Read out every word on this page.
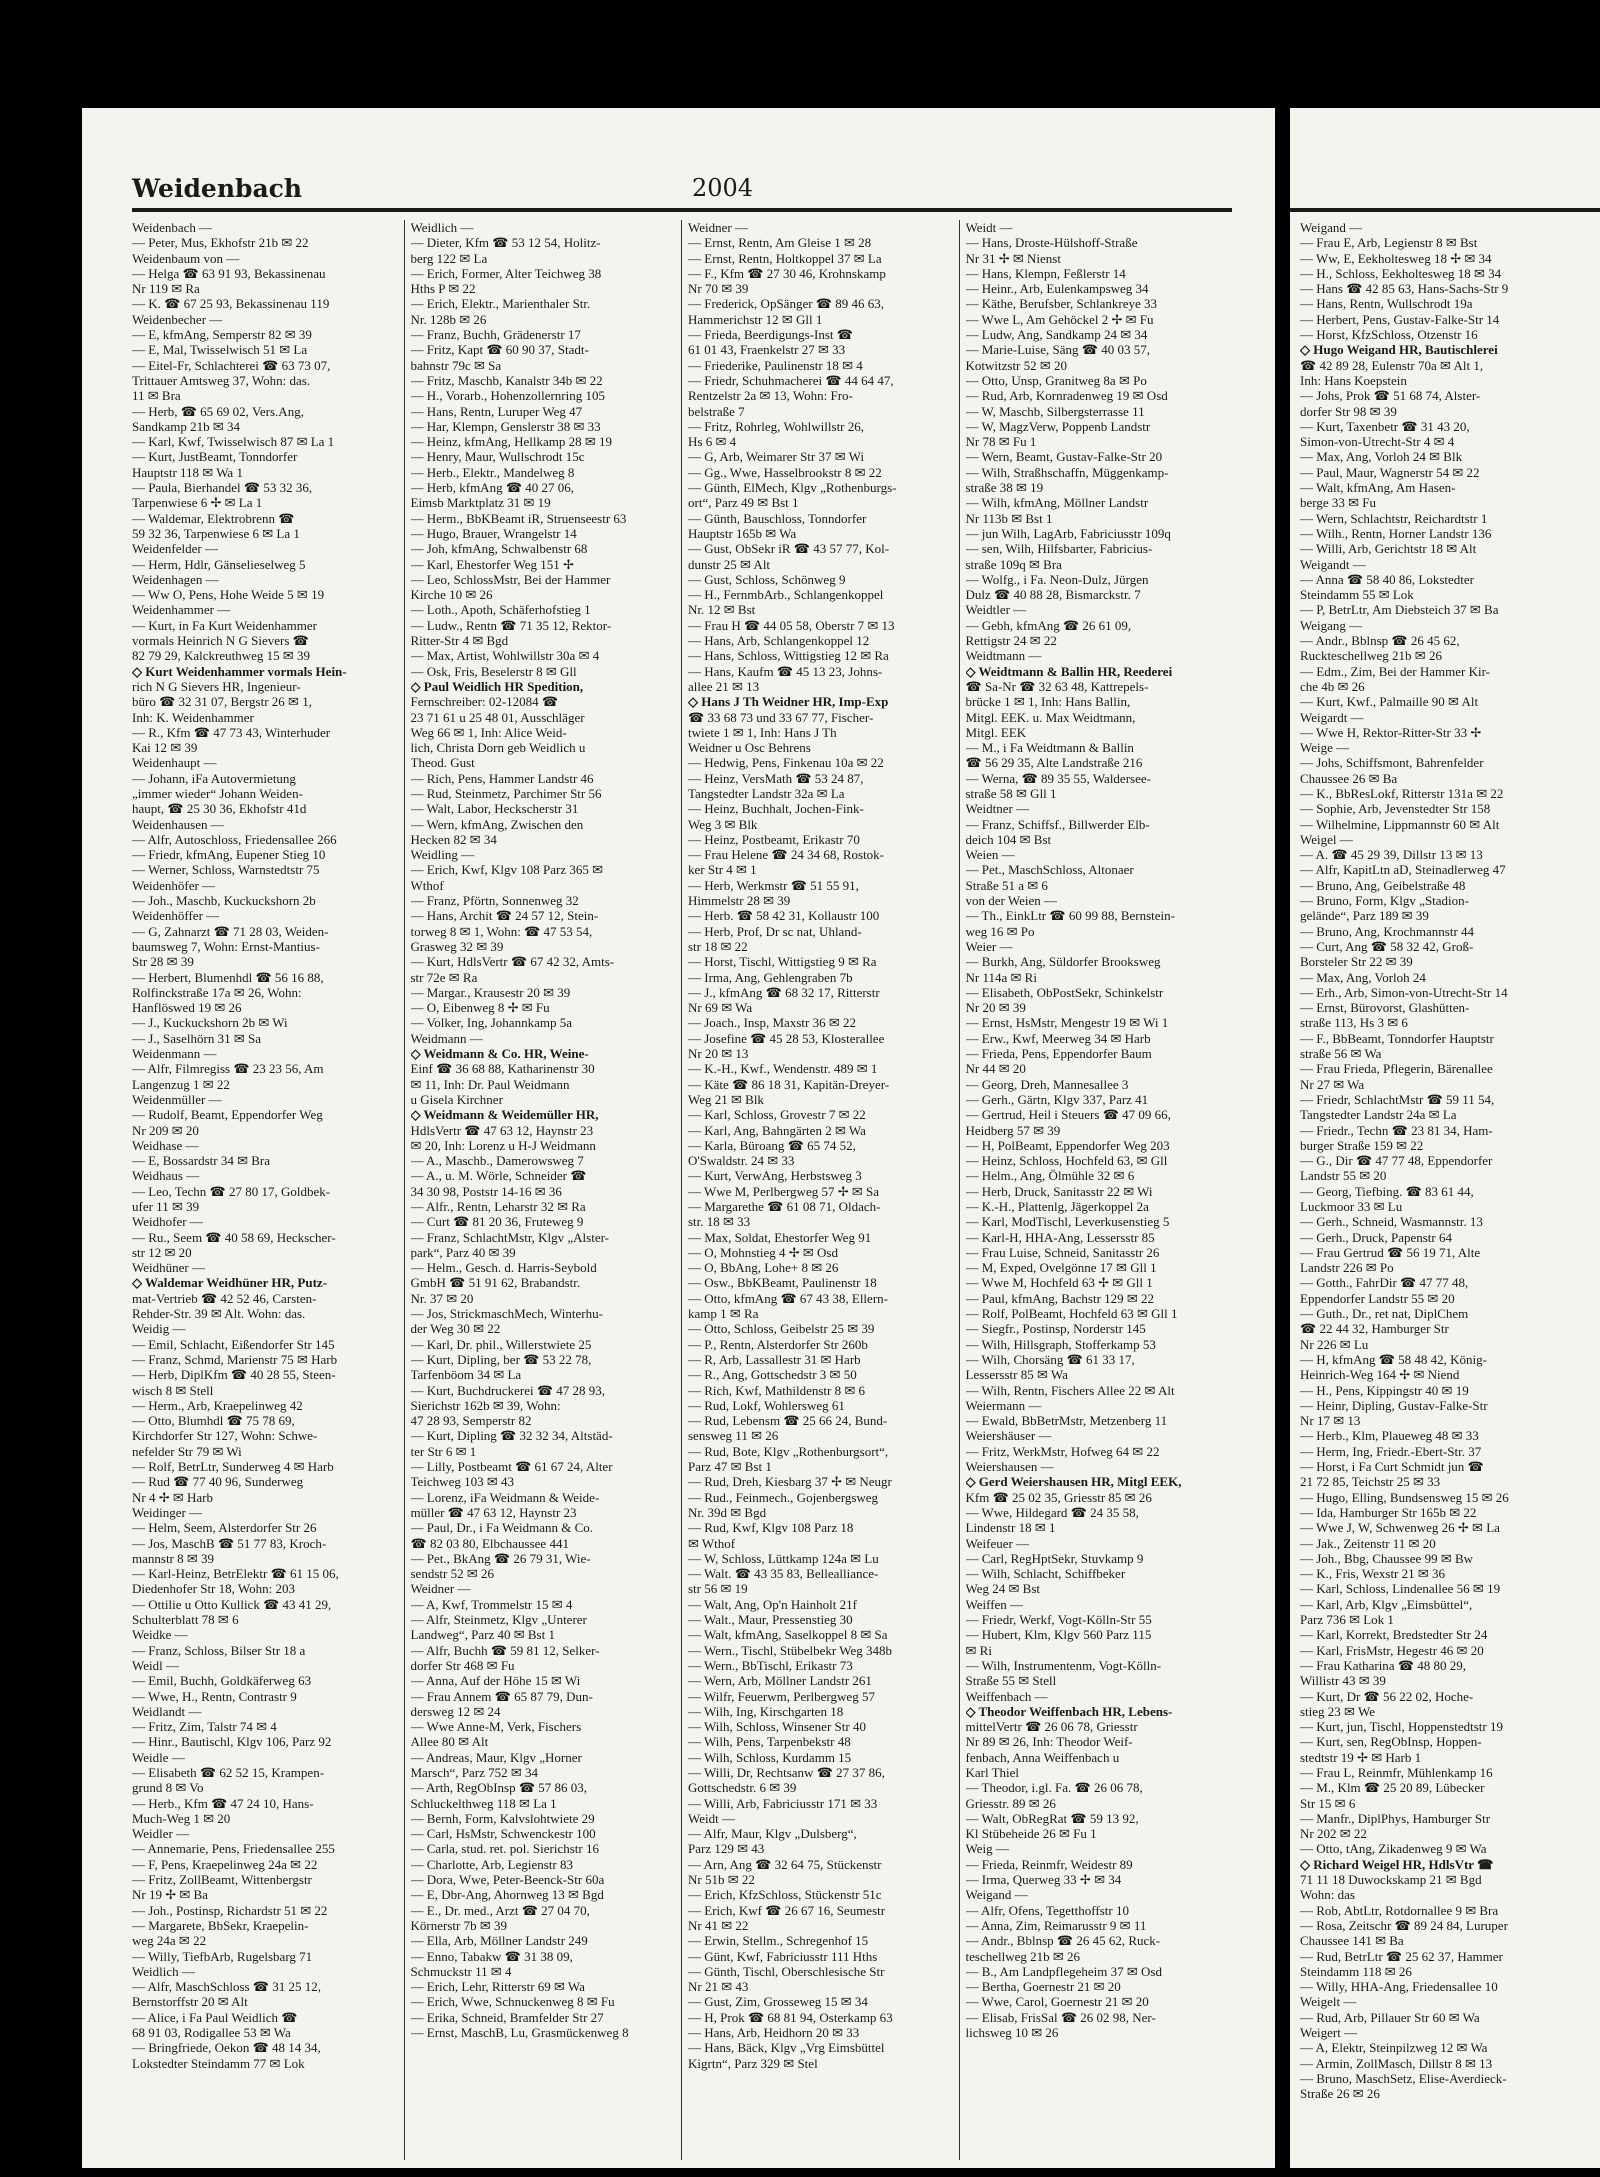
Weidenbach	2004
Weidenbach —
— Peter, Mus, Ekhofstr 21b ✉ 22
Weidenbaum von —
— Helga ☎ 63 91 93, Bekassinenau
Nr 119 ✉ Ra
— K. ☎ 67 25 93, Bekassinenau 119
Weidenbecher —
— E, kfmAng, Semperstr 82 ✉ 39
— E, Mal, Twisselwisch 51 ✉ La
— Eitel-Fr, Schlachterei ☎ 63 73 07,
Trittauer Amtsweg 37, Wohn: das.
11 ✉ Bra
— Herb, ☎ 65 69 02, Vers.Ang,
Sandkamp 21b ✉ 34
— Karl, Kwf, Twisselwisch 87 ✉ La 1
— Kurt, JustBeamt, Tonndorfer
Hauptstr 118 ✉ Wa 1
— Paula, Bierhandel ☎ 53 32 36,
Tarpenwiese 6 ✢ ✉ La 1
— Waldemar, Elektrobrenn ☎
59 32 36, Tarpenwiese 6 ✉ La 1
Weidenfelder —
— Herm, Hdlr, Gänselieselweg 5
Weidenhagen —
— Ww O, Pens, Hohe Weide 5 ✉ 19
Weidenhammer —
— Kurt, in Fa Kurt Weidenhammer
vormals Heinrich N G Sievers ☎
82 79 29, Kalckreuthweg 15 ✉ 39
◇ Kurt Weidenhammer vormals Hein-
rich N G Sievers HR, Ingenieur-
büro ☎ 32 31 07, Bergstr 26 ✉ 1,
Inh: K. Weidenhammer
— R., Kfm ☎ 47 73 43, Winterhuder
Kai 12 ✉ 39
Weidenhaupt —
— Johann, iFa Autovermietung
„immer wieder“ Johann Weiden-
haupt, ☎ 25 30 36, Ekhofstr 41d
Weidenhausen —
— Alfr, Autoschloss, Friedensallee 266
— Friedr, kfmAng, Eupener Stieg 10
— Werner, Schloss, Warnstedtstr 75
Weidenhöfer —
— Joh., Maschb, Kuckuckshorn 2b
Weidenhöffer —
— G, Zahnarzt ☎ 71 28 03, Weiden-
baumsweg 7, Wohn: Ernst-Mantius-
Str 28 ✉ 39
— Herbert, Blumenhdl ☎ 56 16 88,
Rolfinckstraße 17a ✉ 26, Wohn:
Hanflöswed 19 ✉ 26
— J., Kuckuckshorn 2b ✉ Wi
— J., Saselhörn 31 ✉ Sa
Weidenmann —
— Alfr, Filmregiss ☎ 23 23 56, Am
Langenzug 1 ✉ 22
Weidenmüller —
— Rudolf, Beamt, Eppendorfer Weg
Nr 209 ✉ 20
Weidhase —
— E, Bossardstr 34 ✉ Bra
Weidhaus —
— Leo, Techn ☎ 27 80 17, Goldbek-
ufer 11 ✉ 39
Weidhofer —
— Ru., Seem ☎ 40 58 69, Heckscher-
str 12 ✉ 20
Weidhüner —
◇ Waldemar Weidhüner HR, Putz-
mat-Vertrieb ☎ 42 52 46, Carsten-
Rehder-Str. 39 ✉ Alt. Wohn: das.
Weidig —
— Emil, Schlacht, Eißendorfer Str 145
— Franz, Schmd, Marienstr 75 ✉ Harb
— Herb, DiplKfm ☎ 40 28 55, Steen-
wisch 8 ✉ Stell
— Herm., Arb, Kraepelinweg 42
— Otto, Blumhdl ☎ 75 78 69,
Kirchdorfer Str 127, Wohn: Schwe-
nefelder Str 79 ✉ Wi
— Rolf, BetrLtr, Sunderweg 4 ✉ Harb
— Rud ☎ 77 40 96, Sunderweg
Nr 4 ✢ ✉ Harb
Weidinger —
— Helm, Seem, Alsterdorfer Str 26
— Jos, MaschB ☎ 51 77 83, Kroch-
mannstr 8 ✉ 39
— Karl-Heinz, BetrElektr ☎ 61 15 06,
Diedenhofer Str 18, Wohn: 203
— Ottilie u Otto Kullick ☎ 43 41 29,
Schulterblatt 78 ✉ 6
Weidke —
— Franz, Schloss, Bilser Str 18 a
Weidl —
— Emil, Buchh, Goldkäferweg 63
— Wwe, H., Rentn, Contrastr 9
Weidlandt —
— Fritz, Zim, Talstr 74 ✉ 4
— Hinr., Bautischl, Klgv 106, Parz 92
Weidle —
— Elisabeth ☎ 62 52 15, Krampen-
grund 8 ✉ Vo
— Herb., Kfm ☎ 47 24 10, Hans-
Much-Weg 1 ✉ 20
Weidler —
— Annemarie, Pens, Friedensallee 255
— F, Pens, Kraepelinweg 24a ✉ 22
— Fritz, ZollBeamt, Wittenbergstr
Nr 19 ✢ ✉ Ba
— Joh., Postinsp, Richardstr 51 ✉ 22
— Margarete, BbSekr, Kraepelin-
weg 24a ✉ 22
— Willy, TiefbArb, Rugelsbarg 71
Weidlich —
— Alfr, MaschSchloss ☎ 31 25 12,
Bernstorffstr 20 ✉ Alt
— Alice, i Fa Paul Weidlich ☎
68 91 03, Rodigallee 53 ✉ Wa
— Bringfriede, Oekon ☎ 48 14 34,
Lokstedter Steindamm 77 ✉ Lok
Weidlich —
— Dieter, Kfm ☎ 53 12 54, Holitz-
berg 122 ✉ La
— Erich, Former, Alter Teichweg 38
Hths P ✉ 22
— Erich, Elektr., Marienthaler Str.
Nr. 128b ✉ 26
— Franz, Buchh, Grädenerstr 17
— Fritz, Kapt ☎ 60 90 37, Stadt-
bahnstr 79c ✉ Sa
— Fritz, Maschb, Kanalstr 34b ✉ 22
— H., Vorarb., Hohenzollernring 105
— Hans, Rentn, Luruper Weg 47
— Har, Klempn, Genslerstr 38 ✉ 33
— Heinz, kfmAng, Hellkamp 28 ✉ 19
— Henry, Maur, Wullschrodt 15c
— Herb., Elektr., Mandelweg 8
— Herb, kfmAng ☎ 40 27 06,
Eimsb Marktplatz 31 ✉ 19
— Herm., BbKBeamt iR, Struenseestr 63
— Hugo, Brauer, Wrangelstr 14
— Joh, kfmAng, Schwalbenstr 68
— Karl, Ehestorfer Weg 151 ✢
— Leo, SchlossMstr, Bei der Hammer
Kirche 10 ✉ 26
— Loth., Apoth, Schäferhofstieg 1
— Ludw., Rentn ☎ 71 35 12, Rektor-
Ritter-Str 4 ✉ Bgd
— Max, Artist, Wohlwillstr 30a ✉ 4
— Osk, Fris, Beselerstr 8 ✉ Gll
◇ Paul Weidlich HR Spedition,
Fernschreiber: 02-12084 ☎
23 71 61 u 25 48 01, Ausschläger
Weg 66 ✉ 1, Inh: Alice Weid-
lich, Christa Dorn geb Weidlich u
Theod. Gust
— Rich, Pens, Hammer Landstr 46
— Rud, Steinmetz, Parchimer Str 56
— Walt, Labor, Heckscherstr 31
— Wern, kfmAng, Zwischen den
Hecken 82 ✉ 34
Weidling —
— Erich, Kwf, Klgv 108 Parz 365 ✉
Wthof
— Franz, Pförtn, Sonnenweg 32
— Hans, Archit ☎ 24 57 12, Stein-
torweg 8 ✉ 1, Wohn: ☎ 47 53 54,
Grasweg 32 ✉ 39
— Kurt, HdlsVertr ☎ 67 42 32, Amts-
str 72e ✉ Ra
— Margar., Krausestr 20 ✉ 39
— O, Eibenweg 8 ✢ ✉ Fu
— Volker, Ing, Johannkamp 5a
Weidmann —
◇ Weidmann & Co. HR, Weine-
Einf ☎ 36 68 88, Katharinenstr 30
✉ 11, Inh: Dr. Paul Weidmann
u Gisela Kirchner
◇ Weidmann & Weidemüller HR,
HdlsVertr ☎ 47 63 12, Haynstr 23
✉ 20, Inh: Lorenz u H-J Weidmann
— A., Maschb., Damerowsweg 7
— A., u. M. Wörle, Schneider ☎
34 30 98, Poststr 14-16 ✉ 36
— Alfr., Rentn, Leharstr 32 ✉ Ra
— Curt ☎ 81 20 36, Fruteweg 9
— Franz, SchlachtMstr, Klgv „Alster-
park“, Parz 40 ✉ 39
— Helm., Gesch. d. Harris-Seybold
GmbH ☎ 51 91 62, Brabandstr.
Nr. 37 ✉ 20
— Jos, StrickmaschMech, Winterhu-
der Weg 30 ✉ 22
— Karl, Dr. phil., Willerstwiete 25
— Kurt, Dipling, ber ☎ 53 22 78,
Tarfenböom 34 ✉ La
— Kurt, Buchdruckerei ☎ 47 28 93,
Sierichstr 162b ✉ 39, Wohn:
47 28 93, Semperstr 82
— Kurt, Dipling ☎ 32 32 34, Altstäd-
ter Str 6 ✉ 1
— Lilly, Postbeamt ☎ 61 67 24, Alter
Teichweg 103 ✉ 43
— Lorenz, iFa Weidmann & Weide-
müller ☎ 47 63 12, Haynstr 23
— Paul, Dr., i Fa Weidmann & Co.
☎ 82 03 80, Elbchaussee 441
— Pet., BkAng ☎ 26 79 31, Wie-
sendstr 52 ✉ 26
Weidner —
— A, Kwf, Trommelstr 15 ✉ 4
— Alfr, Steinmetz, Klgv „Unterer
Landweg“, Parz 40 ✉ Bst 1
— Alfr, Buchh ☎ 59 81 12, Selker-
dorfer Str 468 ✉ Fu
— Anna, Auf der Höhe 15 ✉ Wi
— Frau Annem ☎ 65 87 79, Dun-
dersweg 12 ✉ 24
— Wwe Anne-M, Verk, Fischers
Allee 80 ✉ Alt
— Andreas, Maur, Klgv „Horner
Marsch“, Parz 752 ✉ 34
— Arth, RegObInsp ☎ 57 86 03,
Schluckelthweg 118 ✉ La 1
— Bernh, Form, Kalvslohtwiete 29
— Carl, HsMstr, Schwenckestr 100
— Carla, stud. ret. pol. Sierichstr 16
— Charlotte, Arb, Legienstr 83
— Dora, Wwe, Peter-Beenck-Str 60a
— E, Dbr-Ang, Ahornweg 13 ✉ Bgd
— E., Dr. med., Arzt ☎ 27 04 70,
Körnerstr 7b ✉ 39
— Ella, Arb, Möllner Landstr 249
— Enno, Tabakw ☎ 31 38 09,
Schmuckstr 11 ✉ 4
— Erich, Lehr, Ritterstr 69 ✉ Wa
— Erich, Wwe, Schnuckenweg 8 ✉ Fu
— Erika, Schneid, Bramfelder Str 27
— Ernst, MaschB, Lu, Grasmückenweg 8
Weidner —
— Ernst, Rentn, Am Gleise 1 ✉ 28
— Ernst, Rentn, Holtkoppel 37 ✉ La
— F., Kfm ☎ 27 30 46, Krohnskamp
Nr 70 ✉ 39
— Frederick, OpSänger ☎ 89 46 63,
Hammerichstr 12 ✉ Gll 1
— Frieda, Beerdigungs-Inst ☎
61 01 43, Fraenkelstr 27 ✉ 33
— Friederike, Paulinenstr 18 ✉ 4
— Friedr, Schuhmacherei ☎ 44 64 47,
Rentzelstr 2a ✉ 13, Wohn: Fro-
belstraße 7
— Fritz, Rohrleg, Wohlwillstr 26,
Hs 6 ✉ 4
— G, Arb, Weimarer Str 37 ✉ Wi
— Gg., Wwe, Hasselbrookstr 8 ✉ 22
— Günth, ElMech, Klgv „Rothenburgs-
ort“, Parz 49 ✉ Bst 1
— Günth, Bauschloss, Tonndorfer
Hauptstr 165b ✉ Wa
— Gust, ObSekr iR ☎ 43 57 77, Kol-
dunstr 25 ✉ Alt
— Gust, Schloss, Schönweg 9
— H., FernmbArb., Schlangenkoppel
Nr. 12 ✉ Bst
— Frau H ☎ 44 05 58, Oberstr 7 ✉ 13
— Hans, Arb, Schlangenkoppel 12
— Hans, Schloss, Wittigstieg 12 ✉ Ra
— Hans, Kaufm ☎ 45 13 23, Johns-
allee 21 ✉ 13
◇ Hans J Th Weidner HR, Imp-Exp
☎ 33 68 73 und 33 67 77, Fischer-
twiete 1 ✉ 1, Inh: Hans J Th
Weidner u Osc Behrens
— Hedwig, Pens, Finkenau 10a ✉ 22
— Heinz, VersMath ☎ 53 24 87,
Tangstedter Landstr 32a ✉ La
— Heinz, Buchhalt, Jochen-Fink-
Weg 3 ✉ Blk
— Heinz, Postbeamt, Erikastr 70
— Frau Helene ☎ 24 34 68, Rostok-
ker Str 4 ✉ 1
— Herb, Werkmstr ☎ 51 55 91,
Himmelstr 28 ✉ 39
— Herb. ☎ 58 42 31, Kollaustr 100
— Herb, Prof, Dr sc nat, Uhland-
str 18 ✉ 22
— Horst, Tischl, Wittigstieg 9 ✉ Ra
— Irma, Ang, Gehlengraben 7b
— J., kfmAng ☎ 68 32 17, Ritterstr
Nr 69 ✉ Wa
— Joach., Insp, Maxstr 36 ✉ 22
— Josefine ☎ 45 28 53, Klosterallee
Nr 20 ✉ 13
— K.-H., Kwf., Wendenstr. 489 ✉ 1
— Käte ☎ 86 18 31, Kapitän-Dreyer-
Weg 21 ✉ Blk
— Karl, Schloss, Grovestr 7 ✉ 22
— Karl, Ang, Bahngärten 2 ✉ Wa
— Karla, Büroang ☎ 65 74 52,
O'Swaldstr. 24 ✉ 33
— Kurt, VerwAng, Herbstsweg 3
— Wwe M, Perlbergweg 57 ✢ ✉ Sa
— Margarethe ☎ 61 08 71, Oldach-
str. 18 ✉ 33
— Max, Soldat, Ehestorfer Weg 91
— O, Mohnstieg 4 ✢ ✉ Osd
— O, BbAng, Lohe+ 8 ✉ 26
— Osw., BbKBeamt, Paulinenstr 18
— Otto, kfmAng ☎ 67 43 38, Ellern-
kamp 1 ✉ Ra
— Otto, Schloss, Geibelstr 25 ✉ 39
— P., Rentn, Alsterdorfer Str 260b
— R, Arb, Lassallestr 31 ✉ Harb
— R., Ang, Gottschedstr 3 ✉ 50
— Rich, Kwf, Mathildenstr 8 ✉ 6
— Rud, Lokf, Wohlersweg 61
— Rud, Lebensm ☎ 25 66 24, Bund-
sensweg 11 ✉ 26
— Rud, Bote, Klgv „Rothenburgsort“,
Parz 47 ✉ Bst 1
— Rud, Dreh, Kiesbarg 37 ✢ ✉ Neugr
— Rud., Feinmech., Gojenbergsweg
Nr. 39d ✉ Bgd
— Rud, Kwf, Klgv 108 Parz 18
✉ Wthof
— W, Schloss, Lüttkamp 124a ✉ Lu
— Walt. ☎ 43 35 83, Bellealliance-
str 56 ✉ 19
— Walt, Ang, Op'n Hainholt 21f
— Walt., Maur, Pressenstieg 30
— Walt, kfmAng, Saselkoppel 8 ✉ Sa
— Wern., Tischl, Stübelbekr Weg 348b
— Wern., BbTischl, Erikastr 73
— Wern, Arb, Möllner Landstr 261
— Wilfr, Feuerwm, Perlbergweg 57
— Wilh, Ing, Kirschgarten 18
— Wilh, Schloss, Winsener Str 40
— Wilh, Pens, Tarpenbekstr 48
— Wilh, Schloss, Kurdamm 15
— Willi, Dr, Rechtsanw ☎ 27 37 86,
Gottschedstr. 6 ✉ 39
— Willi, Arb, Fabriciusstr 171 ✉ 33
Weidt —
— Alfr, Maur, Klgv „Dulsberg“,
Parz 129 ✉ 43
— Arn, Ang ☎ 32 64 75, Stückenstr
Nr 51b ✉ 22
— Erich, KfzSchloss, Stückenstr 51c
— Erich, Kwf ☎ 26 67 16, Seumestr
Nr 41 ✉ 22
— Erwin, Stellm., Schregenhof 15
— Günt, Kwf, Fabriciusstr 111 Hths
— Günth, Tischl, Oberschlesische Str
Nr 21 ✉ 43
— Gust, Zim, Grosseweg 15 ✉ 34
— H, Prok ☎ 68 81 94, Osterkamp 63
— Hans, Arb, Heidhorn 20 ✉ 33
— Hans, Bäck, Klgv „Vrg Eimsbüttel
Kigrtn“, Parz 329 ✉ Stel
Weidt —
— Hans, Droste-Hülshoff-Straße
Nr 31 ✢ ✉ Nienst
— Hans, Klempn, Feßlerstr 14
— Heinr., Arb, Eulenkampsweg 34
— Käthe, Berufsber, Schlankreye 33
— Wwe L, Am Gehöckel 2 ✢ ✉ Fu
— Ludw, Ang, Sandkamp 24 ✉ 34
— Marie-Luise, Säng ☎ 40 03 57,
Kotwitzstr 52 ✉ 20
— Otto, Unsp, Granitweg 8a ✉ Po
— Rud, Arb, Kornradenweg 19 ✉ Osd
— W, Maschb, Silbergsterrasse 11
— W, MagzVerw, Poppenb Landstr
Nr 78 ✉ Fu 1
— Wern, Beamt, Gustav-Falke-Str 20
— Wilh, Straßhschaffn, Müggenkamp-
straße 38 ✉ 19
— Wilh, kfmAng, Möllner Landstr
Nr 113b ✉ Bst 1
— jun Wilh, LagArb, Fabriciusstr 109q
— sen, Wilh, Hilfsbarter, Fabricius-
straße 109q ✉ Bra
— Wolfg., i Fa. Neon-Dulz, Jürgen
Dulz ☎ 40 88 28, Bismarckstr. 7
Weidtler —
— Gebh, kfmAng ☎ 26 61 09,
Rettigstr 24 ✉ 22
Weidtmann —
◇ Weidtmann & Ballin HR, Reederei
☎ Sa-Nr ☎ 32 63 48, Kattrepels-
brücke 1 ✉ 1, Inh: Hans Ballin,
Mitgl. EEK. u. Max Weidtmann,
Mitgl. EEK
— M., i Fa Weidtmann & Ballin
☎ 56 29 35, Alte Landstraße 216
— Werna, ☎ 89 35 55, Waldersee-
straße 58 ✉ Gll 1
Weidtner —
— Franz, Schiffsf., Billwerder Elb-
deich 104 ✉ Bst
Weien —
— Pet., MaschSchloss, Altonaer
Straße 51 a ✉ 6
von der Weien —
— Th., EinkLtr ☎ 60 99 88, Bernstein-
weg 16 ✉ Po
Weier —
— Burkh, Ang, Süldorfer Brooksweg
Nr 114a ✉ Ri
— Elisabeth, ObPostSekr, Schinkelstr
Nr 20 ✉ 39
— Ernst, HsMstr, Mengestr 19 ✉ Wi 1
— Erw., Kwf, Meerweg 34 ✉ Harb
— Frieda, Pens, Eppendorfer Baum
Nr 44 ✉ 20
— Georg, Dreh, Mannesallee 3
— Gerh., Gärtn, Klgv 337, Parz 41
— Gertrud, Heil i Steuers ☎ 47 09 66,
Heidberg 57 ✉ 39
— H, PolBeamt, Eppendorfer Weg 203
— Heinz, Schloss, Hochfeld 63, ✉ Gll
— Helm., Ang, Ölmühle 32 ✉ 6
— Herb, Druck, Sanitasstr 22 ✉ Wi
— K.-H., Plattenlg, Jägerkoppel 2a
— Karl, ModTischl, Leverkusenstieg 5
— Karl-H, HHA-Ang, Lessersstr 85
— Frau Luise, Schneid, Sanitasstr 26
— M, Exped, Ovelgönne 17 ✉ Gll 1
— Wwe M, Hochfeld 63 ✢ ✉ Gll 1
— Paul, kfmAng, Bachstr 129 ✉ 22
— Rolf, PolBeamt, Hochfeld 63 ✉ Gll 1
— Siegfr., Postinsp, Norderstr 145
— Wilh, Hillsgraph, Stofferkamp 53
— Wilh, Chorsäng ☎ 61 33 17,
Lessersstr 85 ✉ Wa
— Wilh, Rentn, Fischers Allee 22 ✉ Alt
Weiermann —
— Ewald, BbBetrMstr, Metzenberg 11
Weiershäuser —
— Fritz, WerkMstr, Hofweg 64 ✉ 22
Weiershausen —
◇ Gerd Weiershausen HR, Mitgl EEK,
Kfm ☎ 25 02 35, Griesstr 85 ✉ 26
— Wwe, Hildegard ☎ 24 35 58,
Lindenstr 18 ✉ 1
Weifeuer —
— Carl, RegHptSekr, Stuvkamp 9
— Wilh, Schlacht, Schiffbeker
Weg 24 ✉ Bst
Weiffen —
— Friedr, Werkf, Vogt-Kölln-Str 55
— Hubert, Klm, Klgv 560 Parz 115
✉ Ri
— Wilh, Instrumentenm, Vogt-Kölln-
Straße 55 ✉ Stell
Weiffenbach —
◇ Theodor Weiffenbach HR, Lebens-
mittelVertr ☎ 26 06 78, Griesstr
Nr 89 ✉ 26, Inh: Theodor Weif-
fenbach, Anna Weiffenbach u
Karl Thiel
— Theodor, i.gl. Fa. ☎ 26 06 78,
Griesstr. 89 ✉ 26
— Walt, ObRegRat ☎ 59 13 92,
Kl Stübeheide 26 ✉ Fu 1
Weig —
— Frieda, Reinmfr, Weidestr 89
— Irma, Querweg 33 ✢ ✉ 34
Weigand —
— Alfr, Ofens, Tegetthoffstr 10
— Anna, Zim, Reimarusstr 9 ✉ 11
— Andr., Bblnsp ☎ 26 45 62, Ruck-
teschellweg 21b ✉ 26
— B., Am Landpflegeheim 37 ✉ Osd
— Bertha, Goernestr 21 ✉ 20
— Wwe, Carol, Goernestr 21 ✉ 20
— Elisab, FrisSal ☎ 26 02 98, Ner-
lichsweg 10 ✉ 26
Weigand —
— Frau E, Arb, Legienstr 8 ✉ Bst
— Ww, E, Eekholtesweg 18 ✢ ✉ 34
— H., Schloss, Eekholtesweg 18 ✉ 34
— Hans ☎ 42 85 63, Hans-Sachs-Str 9
— Hans, Rentn, Wullschrodt 19a
— Herbert, Pens, Gustav-Falke-Str 14
— Horst, KfzSchloss, Otzenstr 16
◇ Hugo Weigand HR, Bautischlerei
☎ 42 89 28, Eulenstr 70a ✉ Alt 1,
Inh: Hans Koepstein
— Johs, Prok ☎ 51 68 74, Alster-
dorfer Str 98 ✉ 39
— Kurt, Taxenbetr ☎ 31 43 20,
Simon-von-Utrecht-Str 4 ✉ 4
— Max, Ang, Vorloh 24 ✉ Blk
— Paul, Maur, Wagnerstr 54 ✉ 22
— Walt, kfmAng, Am Hasen-
berge 33 ✉ Fu
— Wern, Schlachtstr, Reichardtstr 1
— Wilh., Rentn, Horner Landstr 136
— Willi, Arb, Gerichtstr 18 ✉ Alt
Weigandt —
— Anna ☎ 58 40 86, Lokstedter
Steindamm 55 ✉ Lok
— P, BetrLtr, Am Diebsteich 37 ✉ Ba
Weigang —
— Andr., Bblnsp ☎ 26 45 62,
Ruckteschellweg 21b ✉ 26
— Edm., Zim, Bei der Hammer Kir-
che 4b ✉ 26
— Kurt, Kwf., Palmaille 90 ✉ Alt
Weigardt —
— Wwe H, Rektor-Ritter-Str 33 ✢
Weige —
— Johs, Schiffsmont, Bahrenfelder
Chaussee 26 ✉ Ba
— K., BbResLokf, Ritterstr 131a ✉ 22
— Sophie, Arb, Jevenstedter Str 158
— Wilhelmine, Lippmannstr 60 ✉ Alt
Weigel —
— A. ☎ 45 29 39, Dillstr 13 ✉ 13
— Alfr, KapitLtn aD, Steinadlerweg 47
— Bruno, Ang, Geibelstraße 48
— Bruno, Form, Klgv „Stadion-
gelände“, Parz 189 ✉ 39
— Bruno, Ang, Krochmannstr 44
— Curt, Ang ☎ 58 32 42, Groß-
Borsteler Str 22 ✉ 39
— Max, Ang, Vorloh 24
— Erh., Arb, Simon-von-Utrecht-Str 14
— Ernst, Bürovorst, Glashütten-
straße 113, Hs 3 ✉ 6
— F., BbBeamt, Tonndorfer Hauptstr
straße 56 ✉ Wa
— Frau Frieda, Pflegerin, Bärenallee
Nr 27 ✉ Wa
— Friedr, SchlachtMstr ☎ 59 11 54,
Tangstedter Landstr 24a ✉ La
— Friedr., Techn ☎ 23 81 34, Ham-
burger Straße 159 ✉ 22
— G., Dir ☎ 47 77 48, Eppendorfer
Landstr 55 ✉ 20
— Georg, Tiefbing. ☎ 83 61 44,
Luckmoor 33 ✉ Lu
— Gerh., Schneid, Wasmannstr. 13
— Gerh., Druck, Papenstr 64
— Frau Gertrud ☎ 56 19 71, Alte
Landstr 226 ✉ Po
— Gotth., FahrDir ☎ 47 77 48,
Eppendorfer Landstr 55 ✉ 20
— Guth., Dr., ret nat, DiplChem
☎ 22 44 32, Hamburger Str
Nr 226 ✉ Lu
— H, kfmAng ☎ 58 48 42, König-
Heinrich-Weg 164 ✢ ✉ Niend
— H., Pens, Kippingstr 40 ✉ 19
— Heinr, Dipling, Gustav-Falke-Str
Nr 17 ✉ 13
— Herb., Klm, Plaueweg 48 ✉ 33
— Herm, Ing, Friedr.-Ebert-Str. 37
— Horst, i Fa Curt Schmidt jun ☎
21 72 85, Teichstr 25 ✉ 33
— Hugo, Elling, Bundsensweg 15 ✉ 26
— Ida, Hamburger Str 165b ✉ 22
— Wwe J, W, Schwenweg 26 ✢ ✉ La
— Jak., Zeitenstr 11 ✉ 20
— Joh., Bbg, Chaussee 99 ✉ Bw
— K., Fris, Wexstr 21 ✉ 36
— Karl, Schloss, Lindenallee 56 ✉ 19
— Karl, Arb, Klgv „Eimsbüttel“,
Parz 736 ✉ Lok 1
— Karl, Korrekt, Bredstedter Str 24
— Karl, FrisMstr, Hegestr 46 ✉ 20
— Frau Katharina ☎ 48 80 29,
Willistr 43 ✉ 39
— Kurt, Dr ☎ 56 22 02, Hoche-
stieg 23 ✉ We
— Kurt, jun, Tischl, Hoppenstedtstr 19
— Kurt, sen, RegObInsp, Hoppen-
stedtstr 19 ✢ ✉ Harb 1
— Frau L, Reinmfr, Mühlenkamp 16
— M., Klm ☎ 25 20 89, Lübecker
Str 15 ✉ 6
— Manfr., DiplPhys, Hamburger Str
Nr 202 ✉ 22
— Otto, tAng, Zikadenweg 9 ✉ Wa
◇ Richard Weigel HR, HdlsVtr ☎
71 11 18 Duwockskamp 21 ✉ Bgd
Wohn: das
— Rob, AbtLtr, Rotdornallee 9 ✉ Bra
— Rosa, Zeitschr ☎ 89 24 84, Luruper
Chaussee 141 ✉ Ba
— Rud, BetrLtr ☎ 25 62 37, Hammer
Steindamm 118 ✉ 26
— Willy, HHA-Ang, Friedensallee 10
Weigelt —
— Rud, Arb, Pillauer Str 60 ✉ Wa
Weigert —
— A, Elektr, Steinpilzweg 12 ✉ Wa
— Armin, ZollMasch, Dillstr 8 ✉ 13
— Bruno, MaschSetz, Elise-Averdieck-
Straße 26 ✉ 26
